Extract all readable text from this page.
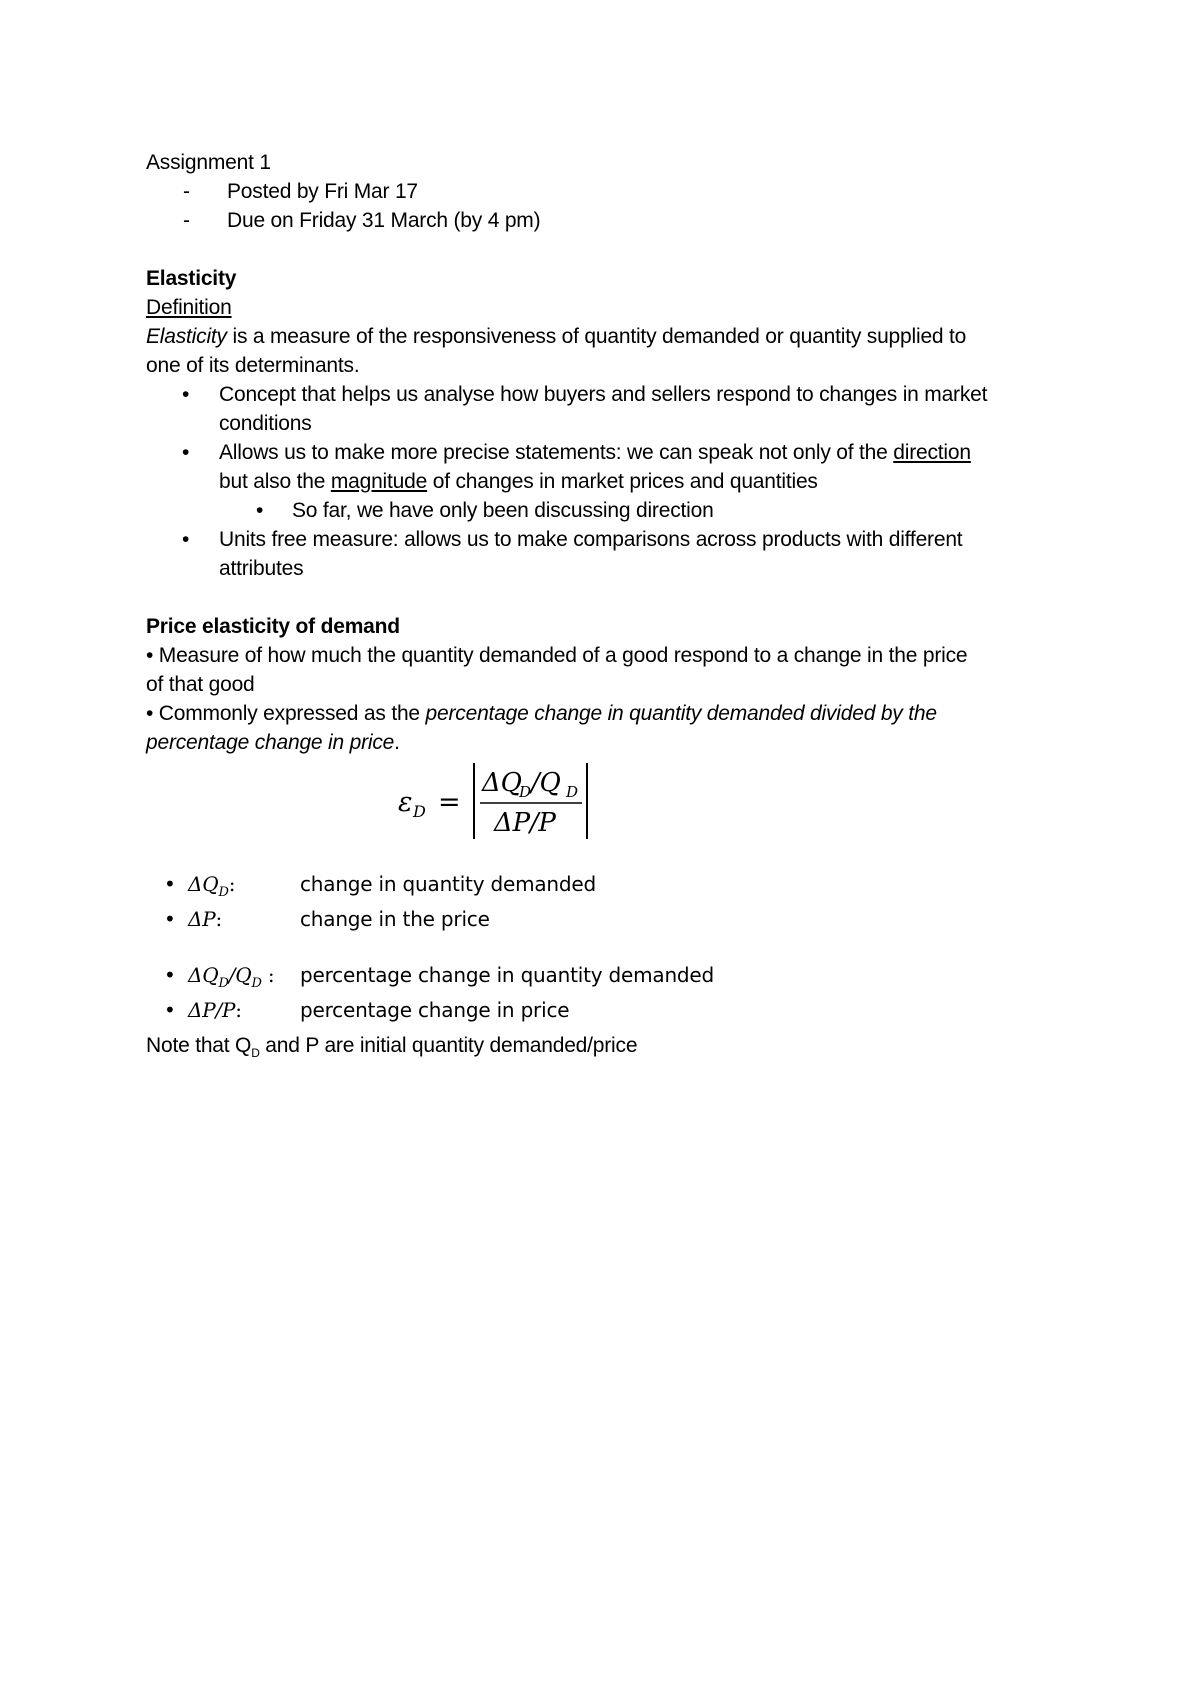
Assignment 1

-	Posted by Fri Mar 17
-	Due on Friday 31 March (by 4 pm)

Elasticity

Definition

Elasticity is a measure of the responsiveness of quantity demanded or quantity supplied to

one of its determinants.

•	Concept that helps us analyse how buyers and sellers respond to changes in market
conditions
•	Allows us to make more precise statements: we can speak not only of the direction
but also the magnitude of changes in market prices and quantities
•	So far, we have only been discussing direction
•	Units free measure: allows us to make comparisons across products with different
attributes

Price elasticity of demand

• Measure of how much the quantity demanded of a good respond to a change in the price

of that good

• Commonly expressed as the percentage change in quantity demanded divided by the

percentage change in price.

ε D =
ΔQ
D /Q D
ΔP/P
• $\Delta Q_D$:	change in quantity demanded
• ΔP:	change in the price
• $\Delta Q_D/Q_D$ :	percentage change in quantity demanded
• ΔP/P:	percentage change in price

Note that $Q_D$ and P are initial quantity demanded/price
